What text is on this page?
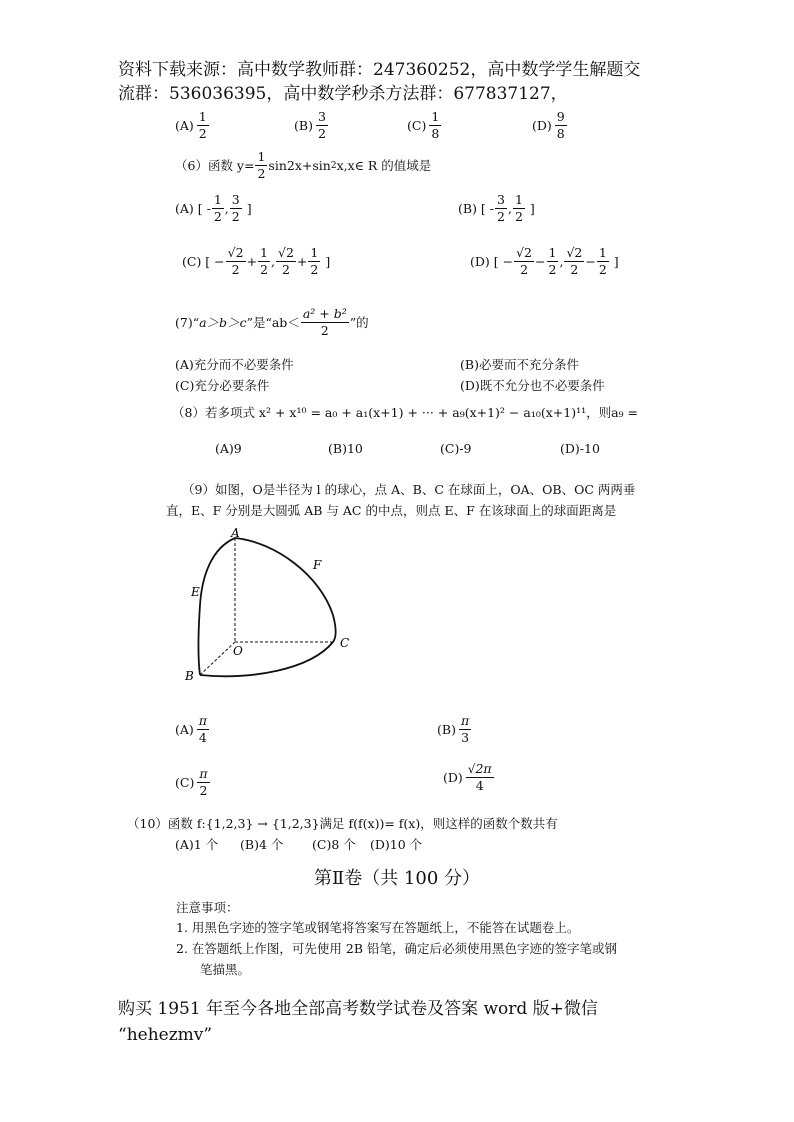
资料下载来源：高中数学教师群：247360252，高中数学学生解题交
流群：536036395，高中数学秒杀方法群：677837127，
$(A) \frac{1}{2}$	$(B) \frac{3}{2}$	$(C) \frac{1}{8}$	$(D) \frac{9}{8}$
（6）函数 $y= \frac{1}{2} \sin 2x+\sin$ 2 x,x∈ R 的值域是
(A) [ - $\frac{1}{2}$ , $\frac{3}{2}$ ]	(B) [ - $\frac{3}{2}$ , $\frac{1}{2}$ ]
(C) [ − $\frac{√2}{2} + \frac{1}{2}$ , $\frac{√2}{2} + \frac{1}{2}$ ]	(D) [ − $\frac{√2}{2} - \frac{1}{2}$ , $\frac{√2}{2} - \frac{1}{2}$ ]
(7)“ a＞b＞c ”是“$ab< \frac{\text{a² + b²}}{2}$ ”的
(A)充分而不必要条件	(B)必要而不充分条件
(C)充分必要条件	(D)既不允分也不必要条件
（8）若多项式 x² + x¹⁰ = a₀ + a₁(x+1) + ··· + a₉(x+1)² − a₁₀(x+1)¹¹，则a₉ =
(A)9	(B)10	(C)-9	(D)-10
（9）如图，O是半径为 l 的球心，点 A、B、C 在球面上，OA、OB、OC 两两垂
直，E、F 分别是大圆弧 AB 与 AC 的中点，则点 E、F 在该球面上的球面距离是
A
E
F
O
C
B
$(A) \frac{\pi}{4}$	$(B) \frac{\pi}{3}$
$(C) \frac{\pi}{2}$	$(D) \frac{√ 2\pi}{4}$
（10）函数 f:{1,2,3} → {1,2,3}满足 f(f(x))= f(x)，则这样的函数个数共有
(A)1 个 (B)4 个 (C)8 个 (D)10 个
第Ⅱ卷（共 100 分）
注意事项：
1. 用黑色字迹的签字笔或钢笔将答案写在答题纸上，不能答在试题卷上。
2. 在答题纸上作图，可先使用 2B 铅笔，确定后必须使用黑色字迹的签字笔或钢
笔描黑。
购买 1951 年至今各地全部高考数学试卷及答案 word 版+微信
“hehezmv”
